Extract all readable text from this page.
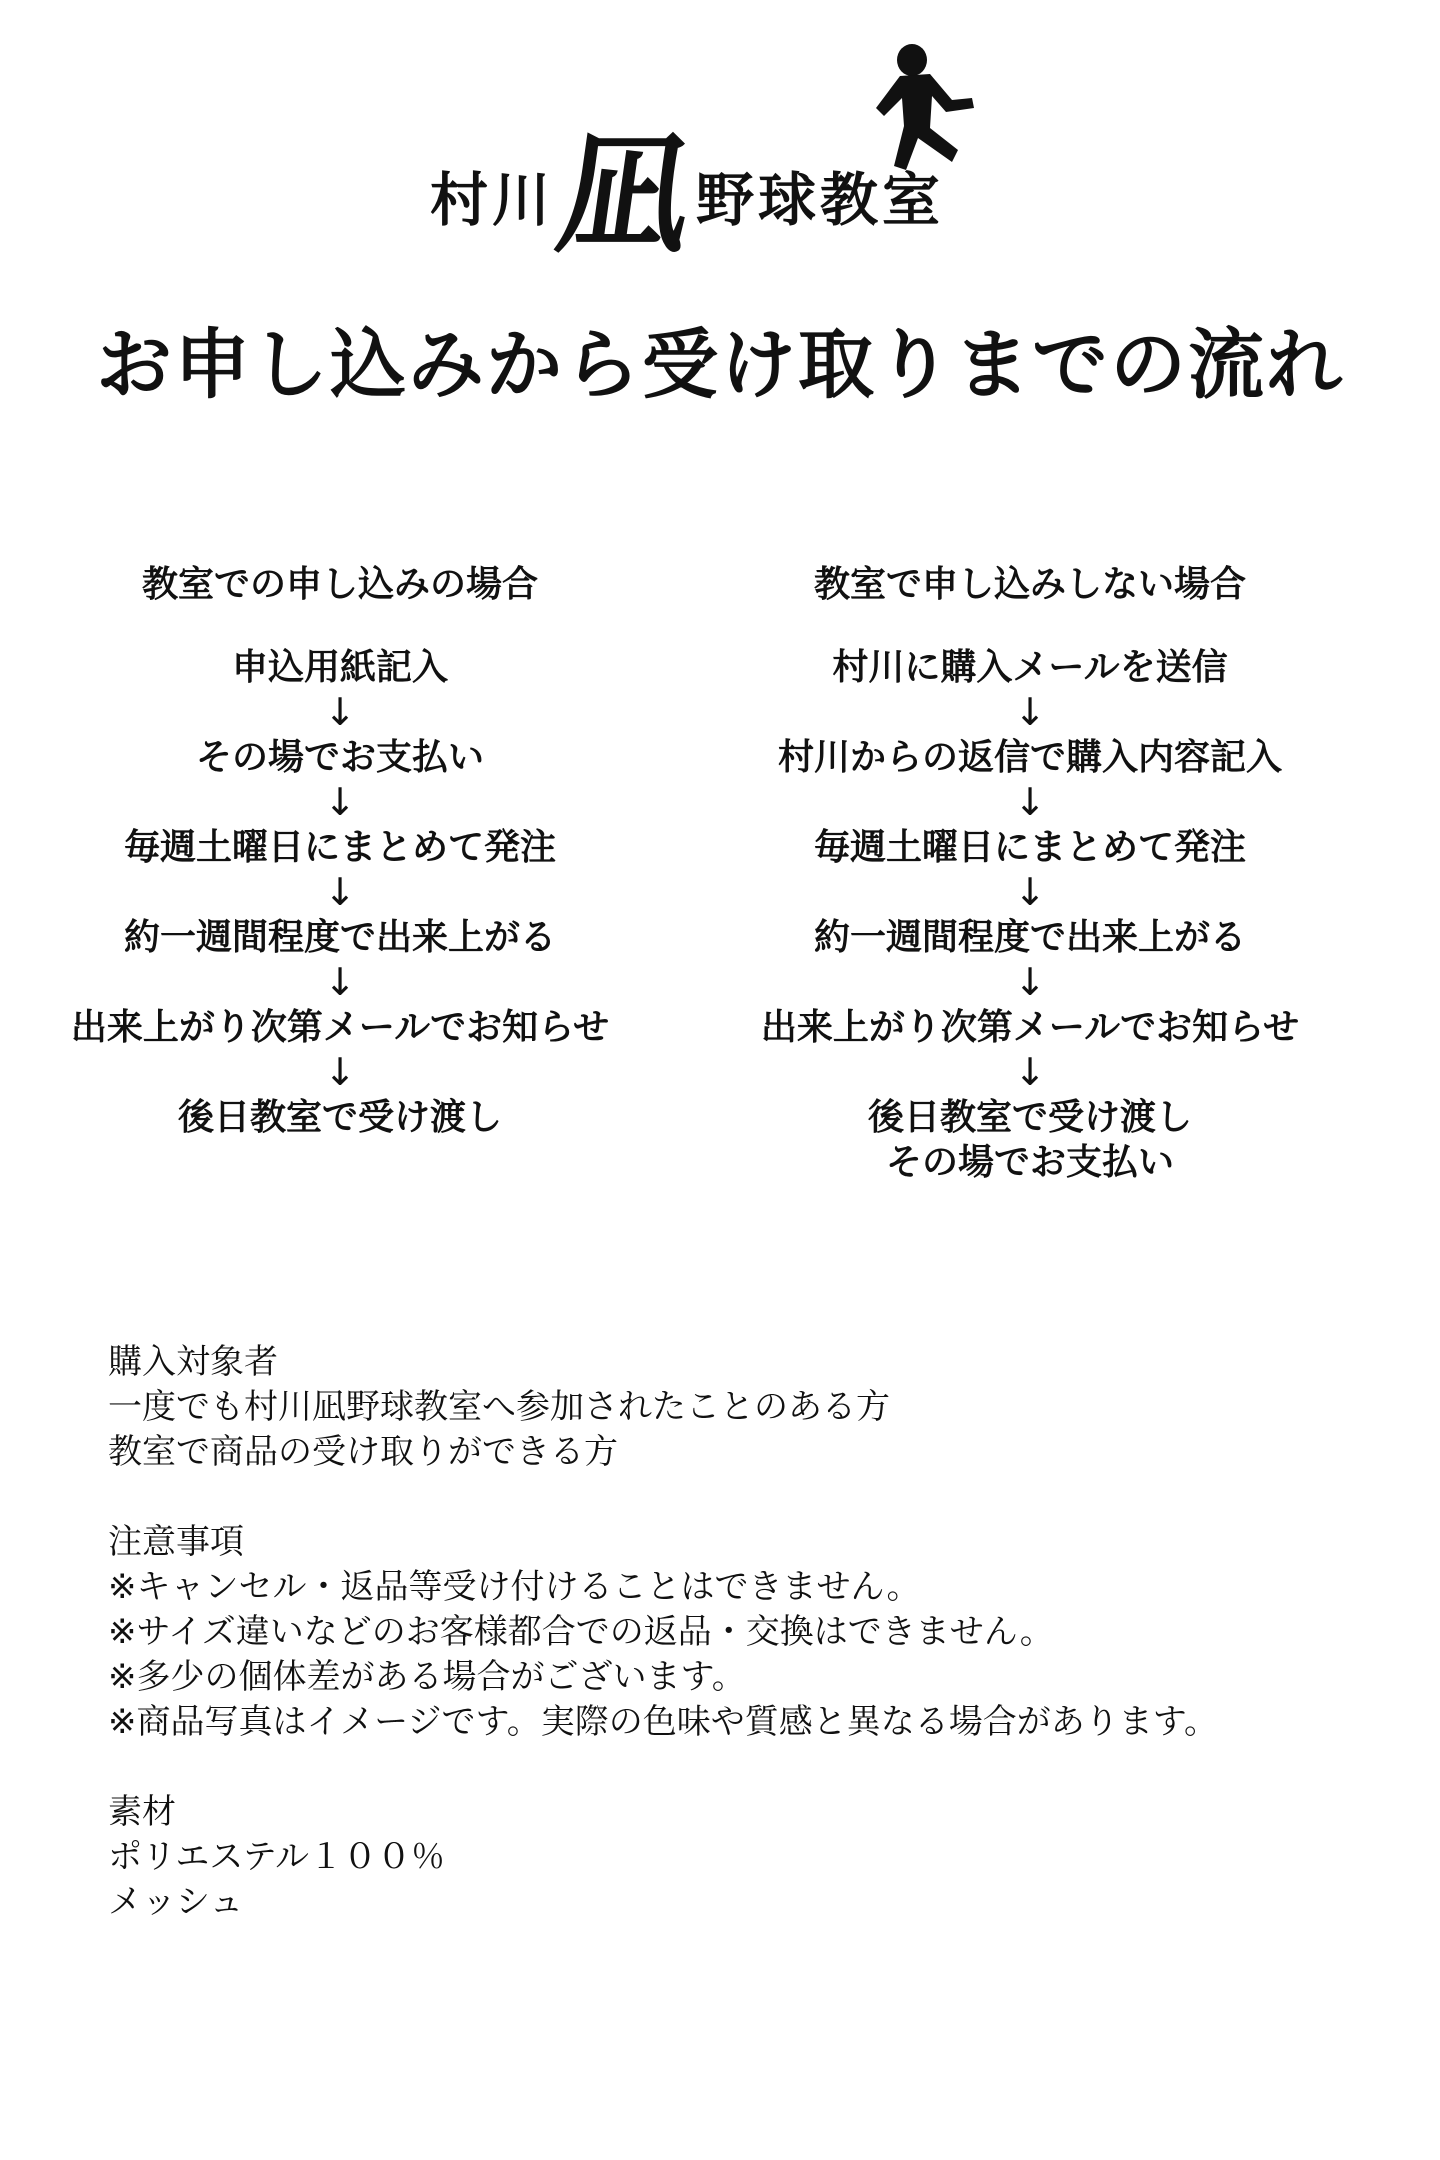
村川
凪
野球教室
お申し込みから受け取りまでの流れ
教室での申し込みの場合
申込用紙記入
↓
その場でお支払い
↓
毎週土曜日にまとめて発注
↓
約一週間程度で出来上がる
↓
出来上がり次第メールでお知らせ
↓
後日教室で受け渡し
教室で申し込みしない場合
村川に購入メールを送信
↓
村川からの返信で購入内容記入
↓
毎週土曜日にまとめて発注
↓
約一週間程度で出来上がる
↓
出来上がり次第メールでお知らせ
↓
後日教室で受け渡し
その場でお支払い
購入対象者
一度でも村川凪野球教室へ参加されたことのある方
教室で商品の受け取りができる方
注意事項
※キャンセル・返品等受け付けることはできません。
※サイズ違いなどのお客様都合での返品・交換はできません。
※多少の個体差がある場合がございます。
※商品写真はイメージです。実際の色味や質感と異なる場合があります。
素材
ポリエステル１００％
メッシュ
